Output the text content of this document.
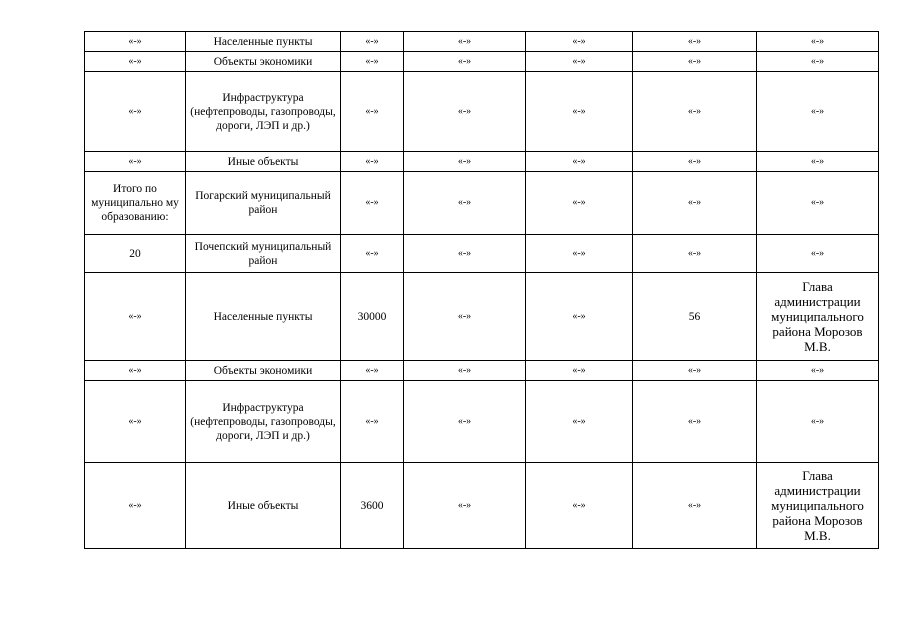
«-»	Населенные пункты	«-»	«-»	«-»	«-»	«-»
«-»	Объекты экономики	«-»	«-»	«-»	«-»	«-»
«-»	Инфраструктура (нефтепроводы, газопроводы, дороги, ЛЭП и др.)	«-»	«-»	«-»	«-»	«-»
«-»	Иные объекты	«-»	«-»	«-»	«-»	«-»
Итого по муниципально му образованию:	Погарский муниципальный район	«-»	«-»	«-»	«-»	«-»
20	Почепский муниципальный район	«-»	«-»	«-»	«-»	«-»
«-»	Населенные пункты	30000	«-»	«-»	56	Глава администрации муниципального района Морозов М.В.
«-»	Объекты экономики	«-»	«-»	«-»	«-»	«-»
«-»	Инфраструктура (нефтепроводы, газопроводы, дороги, ЛЭП и др.)	«-»	«-»	«-»	«-»	«-»
«-»	Иные объекты	3600	«-»	«-»	«-»	Глава администрации муниципального района Морозов М.В.
